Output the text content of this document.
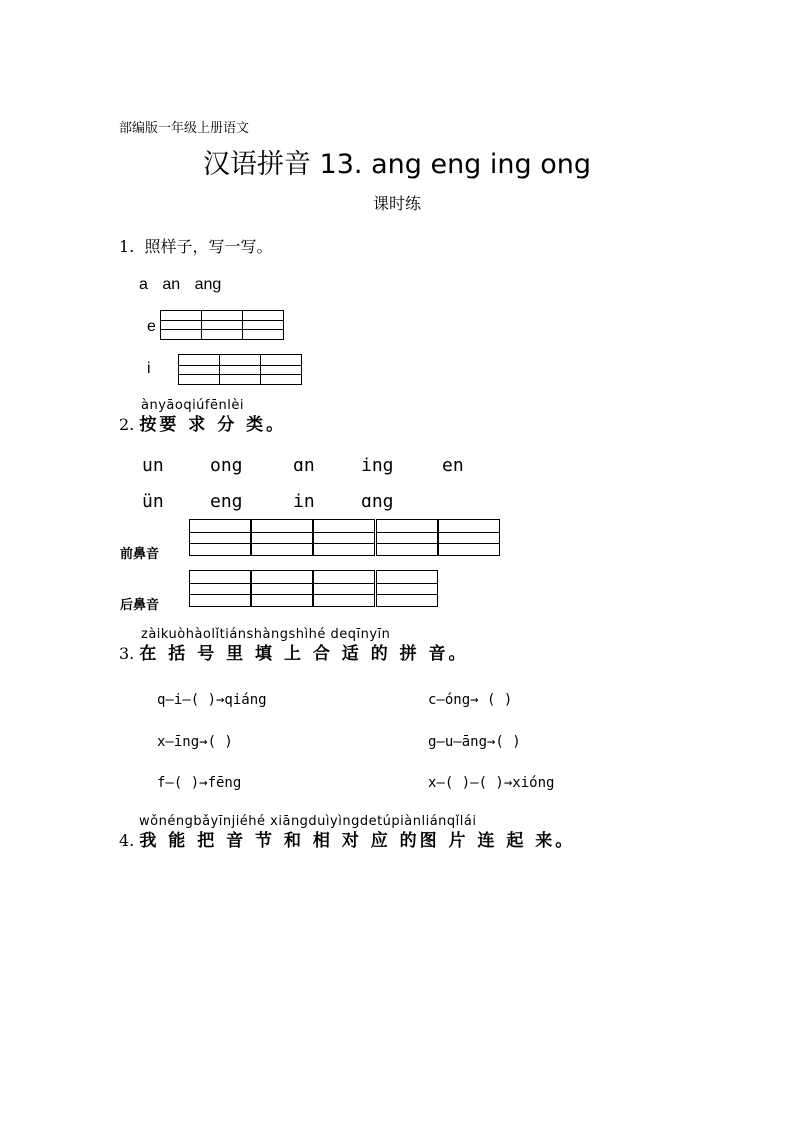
部编版一年级上册语文
汉语拼音 13. ang eng ing ong
课时练
1. 照样子，写一写。
a an ang
e
i
ànyāoqiúfēnlèi
2. 按要 求 分 类。
un	ong	ɑn	ing	en
ün	eng	in	ɑng
前鼻音
后鼻音
zàikuòhàolǐtiánshàngshìhé deqīnyīn
3. 在 括 号 里 填 上 合 适 的 拼 音。
q—i—( )→qiáng	c—óng→ ( )
x—īng→( )	g—u—āng→( )
f—( )→fēng	x—( )—( )→xióng
wǒnéngbǎyīnjiéhé xiāngduìyìngdetúpiànliánqǐlái
4. 我 能 把 音 节 和 相 对 应 的图 片 连 起 来。
